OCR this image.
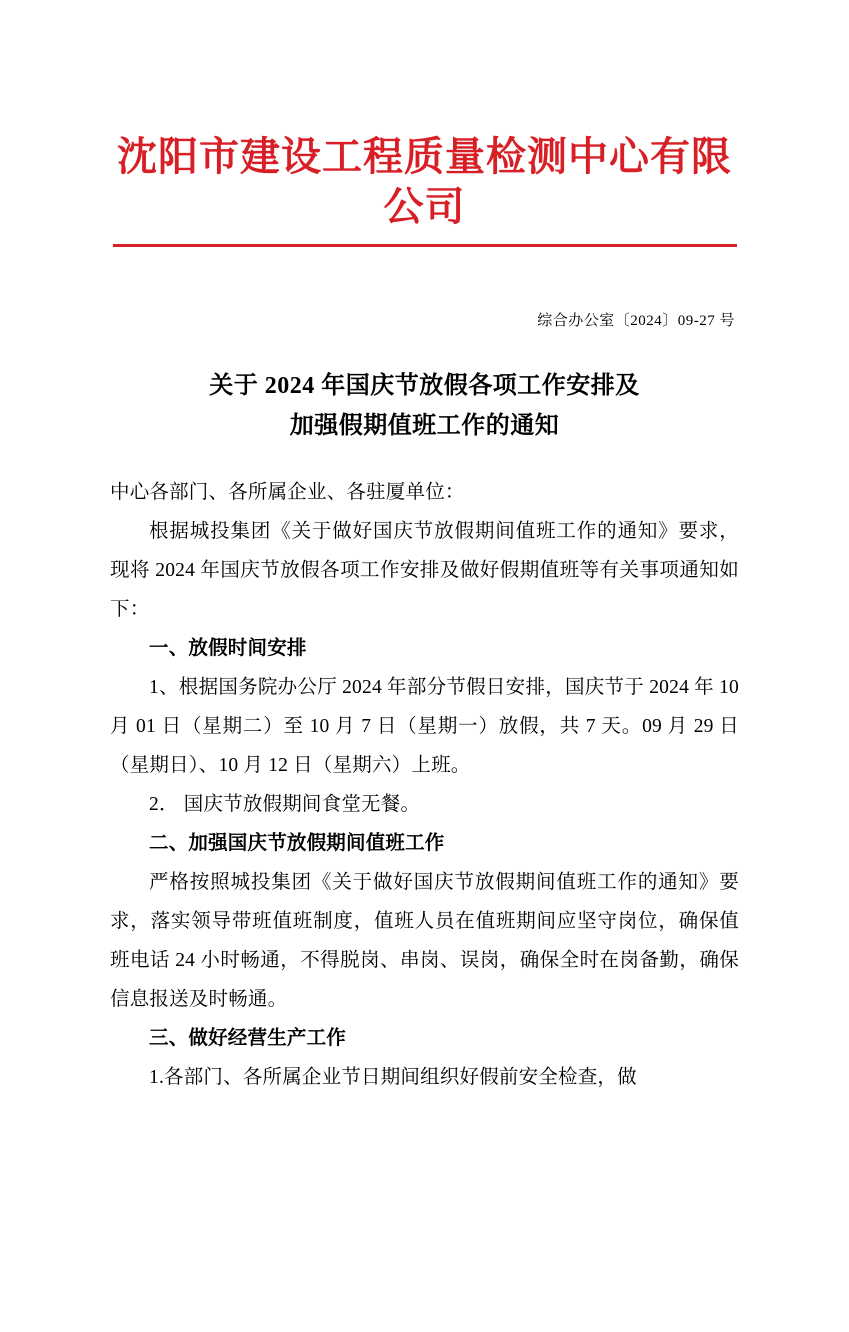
沈阳市建设工程质量检测中心有限公司
综合办公室〔2024〕09-27 号
关于 2024 年国庆节放假各项工作安排及
加强假期值班工作的通知
中心各部门、各所属企业、各驻厦单位：
根据城投集团《关于做好国庆节放假期间值班工作的通知》要求，现将 2024 年国庆节放假各项工作安排及做好假期值班等有关事项通知如下：
一、放假时间安排
1、根据国务院办公厅 2024 年部分节假日安排，国庆节于 2024 年 10 月 01 日（星期二）至 10 月 7 日（星期一）放假，共 7 天。09 月 29 日（星期日）、10 月 12 日（星期六）上班。
2． 国庆节放假期间食堂无餐。
二、加强国庆节放假期间值班工作
严格按照城投集团《关于做好国庆节放假期间值班工作的通知》要求，落实领导带班值班制度，值班人员在值班期间应坚守岗位，确保值班电话 24 小时畅通，不得脱岗、串岗、误岗，确保全时在岗备勤，确保信息报送及时畅通。
三、做好经营生产工作
1.各部门、各所属企业节日期间组织好假前安全检查，做
